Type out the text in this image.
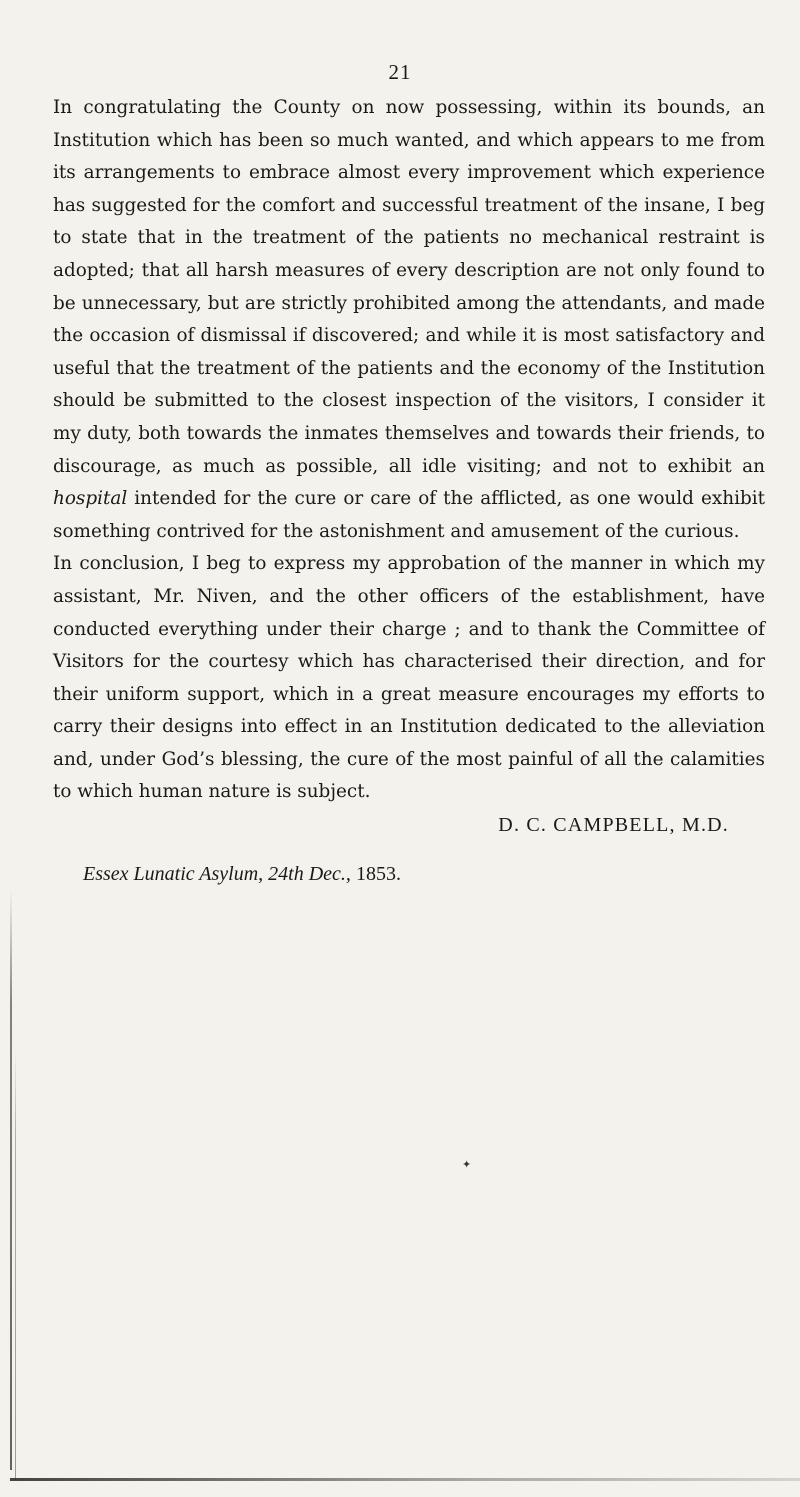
21

In congratulating the County on now possessing, within its bounds, an Institution which has been so much wanted, and which appears to me from its arrangements to embrace almost every improvement which experience has suggested for the comfort and successful treatment of the insane, I beg to state that in the treatment of the patients no mechanical restraint is adopted; that all harsh measures of every description are not only found to be unnecessary, but are strictly prohibited among the attendants, and made the occasion of dismissal if discovered; and while it is most satisfactory and useful that the treatment of the patients and the economy of the Institution should be submitted to the closest inspection of the visitors, I consider it my duty, both towards the inmates themselves and towards their friends, to discourage, as much as possible, all idle visiting; and not to exhibit an hospital intended for the cure or care of the afflicted, as one would exhibit something contrived for the astonishment and amusement of the curious.

In conclusion, I beg to express my approbation of the manner in which my assistant, Mr. Niven, and the other officers of the establishment, have conducted everything under their charge ; and to thank the Committee of Visitors for the courtesy which has characterised their direction, and for their uniform support, which in a great measure encourages my efforts to carry their designs into effect in an Institution dedicated to the alleviation and, under God’s blessing, the cure of the most painful of all the calamities to which human nature is subject.

D. C. CAMPBELL, M.D.

Essex Lunatic Asylum, 24th Dec., 1853.

✦
